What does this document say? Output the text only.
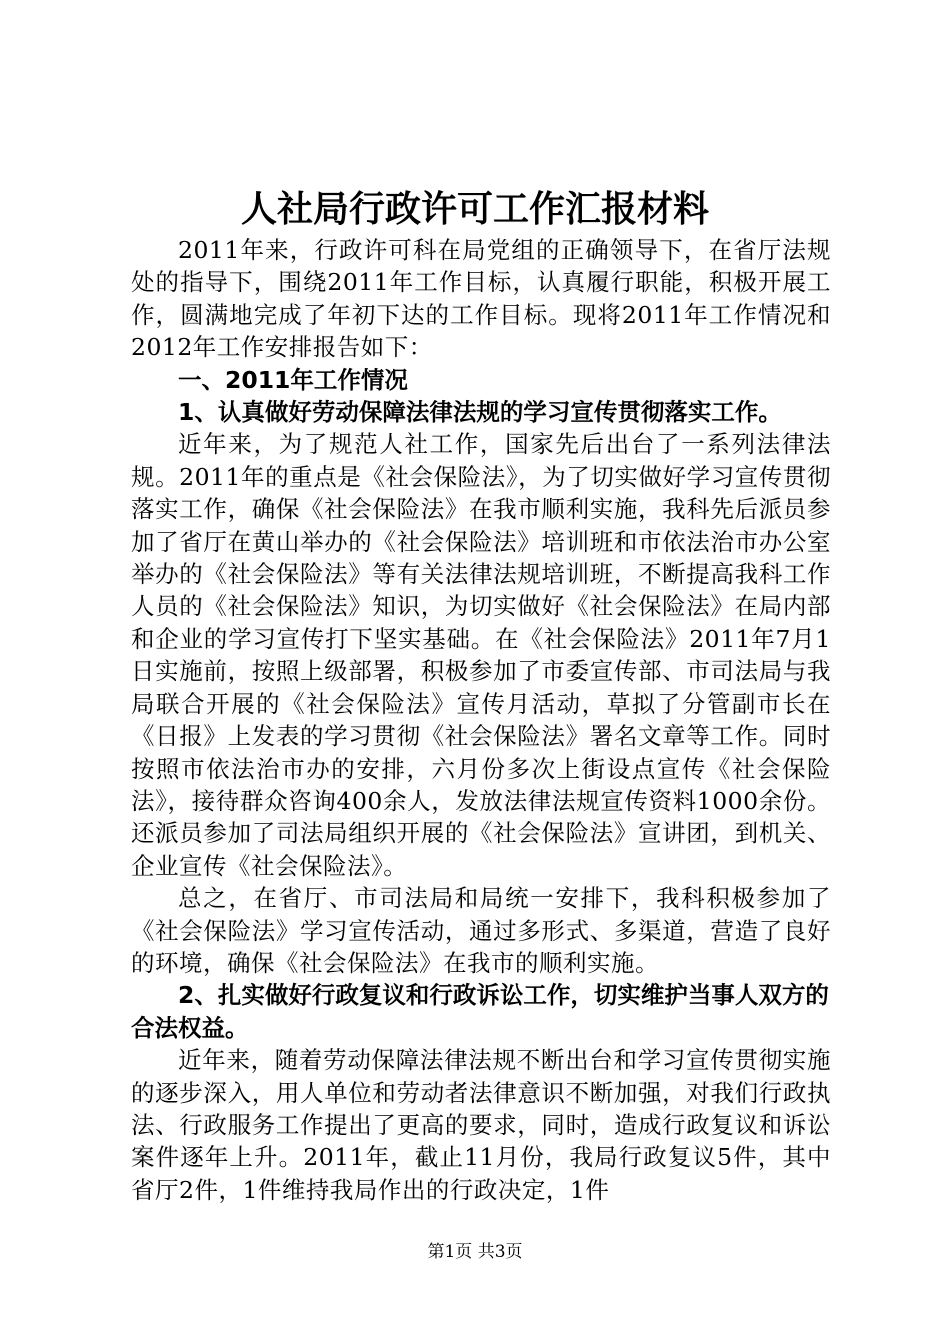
人社局行政许可工作汇报材料

2011年来，行政许可科在局党组的正确领导下，在省厅法规处的指导下，围绕2011年工作目标，认真履行职能，积极开展工作，圆满地完成了年初下达的工作目标。现将2011年工作情况和2012年工作安排报告如下：

一、2011年工作情况

1、认真做好劳动保障法律法规的学习宣传贯彻落实工作。

近年来，为了规范人社工作，国家先后出台了一系列法律法规。2011年的重点是《社会保险法》，为了切实做好学习宣传贯彻落实工作，确保《社会保险法》在我市顺利实施，我科先后派员参加了省厅在黄山举办的《社会保险法》培训班和市依法治市办公室举办的《社会保险法》等有关法律法规培训班，不断提高我科工作人员的《社会保险法》知识，为切实做好《社会保险法》在局内部和企业的学习宣传打下坚实基础。在《社会保险法》2011年7月1日实施前，按照上级部署，积极参加了市委宣传部、市司法局与我局联合开展的《社会保险法》宣传月活动，草拟了分管副市长在《日报》上发表的学习贯彻《社会保险法》署名文章等工作。同时按照市依法治市办的安排，六月份多次上街设点宣传《社会保险法》，接待群众咨询400余人，发放法律法规宣传资料1000余份。还派员参加了司法局组织开展的《社会保险法》宣讲团，到机关、企业宣传《社会保险法》。

总之，在省厅、市司法局和局统一安排下，我科积极参加了《社会保险法》学习宣传活动，通过多形式、多渠道，营造了良好的环境，确保《社会保险法》在我市的顺利实施。

2、扎实做好行政复议和行政诉讼工作，切实维护当事人双方的合法权益。

近年来，随着劳动保障法律法规不断出台和学习宣传贯彻实施的逐步深入，用人单位和劳动者法律意识不断加强，对我们行政执法、行政服务工作提出了更高的要求，同时，造成行政复议和诉讼案件逐年上升。2011年，截止11月份，我局行政复议5件，其中省厅2件，1件维持我局作出的行政决定，1件

第1页 共3页
